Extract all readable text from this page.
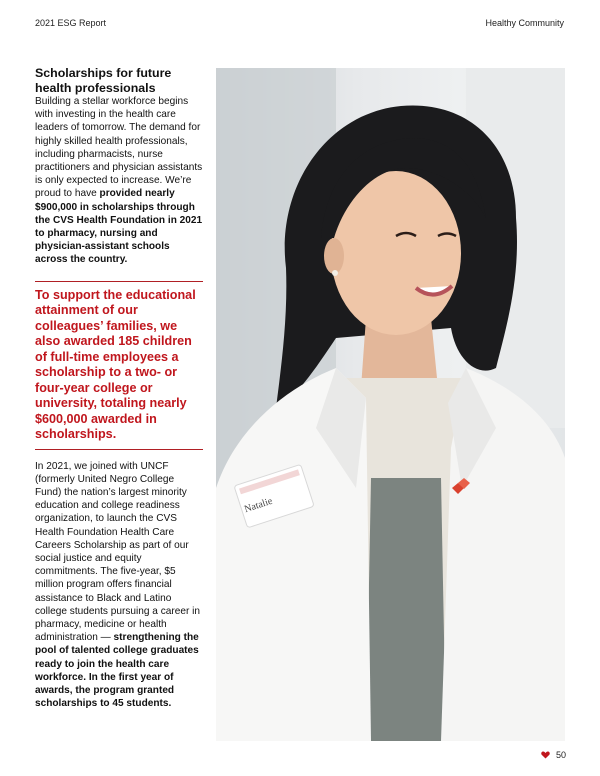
2021 ESG Report	Healthy Community
Scholarships for future health professionals

Building a stellar workforce begins with investing in the health care leaders of tomorrow. The demand for highly skilled health professionals, including pharmacists, nurse practitioners and physician assistants is only expected to increase. We’re proud to have provided nearly $900,000 in scholarships through the CVS Health Foundation in 2021 to pharmacy, nursing and physician-assistant schools across the country.

To support the educational attainment of our colleagues’ families, we also awarded 185 children of full-time employees a scholarship to a two- or four-year college or university, totaling nearly $600,000 awarded in scholarships.

In 2021, we joined with UNCF (formerly United Negro College Fund) the nation’s largest minority education and college readiness organization, to launch the CVS Health Foundation Health Care Careers Scholarship as part of our social justice and equity commitments. The five-year, $5 million program offers financial assistance to Black and Latino college students pursuing a career in pharmacy, medicine or health administration — strengthening the pool of talented college graduates ready to join the health care workforce. In the first year of awards, the program granted scholarships to 45 students.

Natalie
50
